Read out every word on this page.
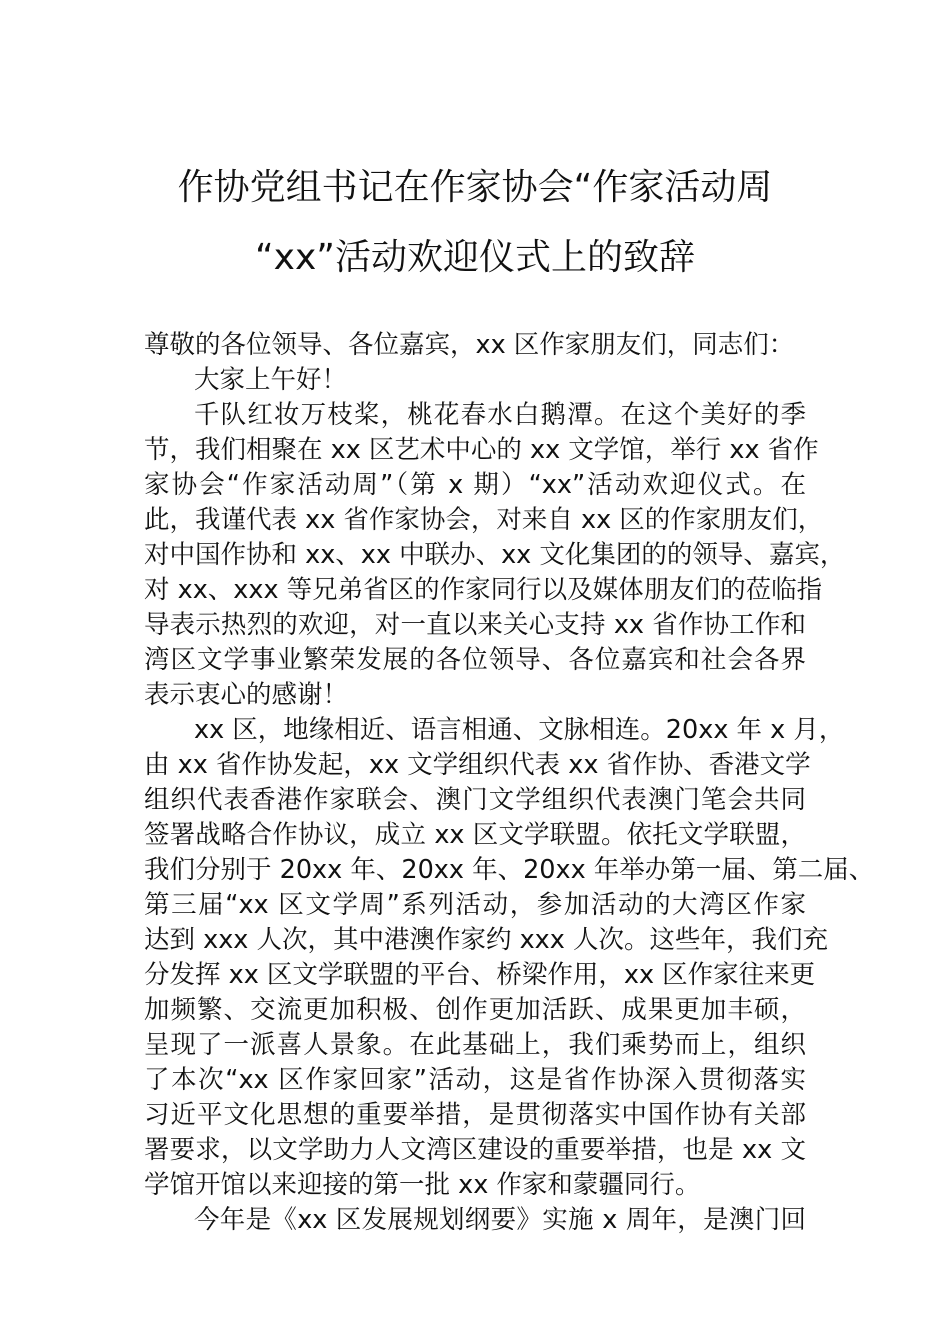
作协党组书记在作家协会“作家活动周
“xx”活动欢迎仪式上的致辞
尊敬的各位领导、各位嘉宾，xx 区作家朋友们，同志们：
大家上午好！
千队红妆万枝桨，桃花春水白鹅潭。在这个美好的季
节，我们相聚在 xx 区艺术中心的 xx 文学馆，举行 xx 省作
家协会“作家活动周”（第 x 期）“xx”活动欢迎仪式。在
此，我谨代表 xx 省作家协会，对来自 xx 区的作家朋友们，
对中国作协和 xx、xx 中联办、xx 文化集团的的领导、嘉宾，
对 xx、xxx 等兄弟省区的作家同行以及媒体朋友们的莅临指
导表示热烈的欢迎，对一直以来关心支持 xx 省作协工作和
湾区文学事业繁荣发展的各位领导、各位嘉宾和社会各界
表示衷心的感谢！
xx 区，地缘相近、语言相通、文脉相连。20xx 年 x 月，
由 xx 省作协发起，xx 文学组织代表 xx 省作协、香港文学
组织代表香港作家联会、澳门文学组织代表澳门笔会共同
签署战略合作协议，成立 xx 区文学联盟。依托文学联盟，
我们分别于 20xx 年、20xx 年、20xx 年举办第一届、第二届、
第三届“xx 区文学周”系列活动，参加活动的大湾区作家
达到 xxx 人次，其中港澳作家约 xxx 人次。这些年，我们充
分发挥 xx 区文学联盟的平台、桥梁作用，xx 区作家往来更
加频繁、交流更加积极、创作更加活跃、成果更加丰硕，
呈现了一派喜人景象。在此基础上，我们乘势而上，组织
了本次“xx 区作家回家”活动，这是省作协深入贯彻落实
习近平文化思想的重要举措，是贯彻落实中国作协有关部
署要求，以文学助力人文湾区建设的重要举措，也是 xx 文
学馆开馆以来迎接的第一批 xx 作家和蒙疆同行。
今年是《xx 区发展规划纲要》实施 x 周年，是澳门回
